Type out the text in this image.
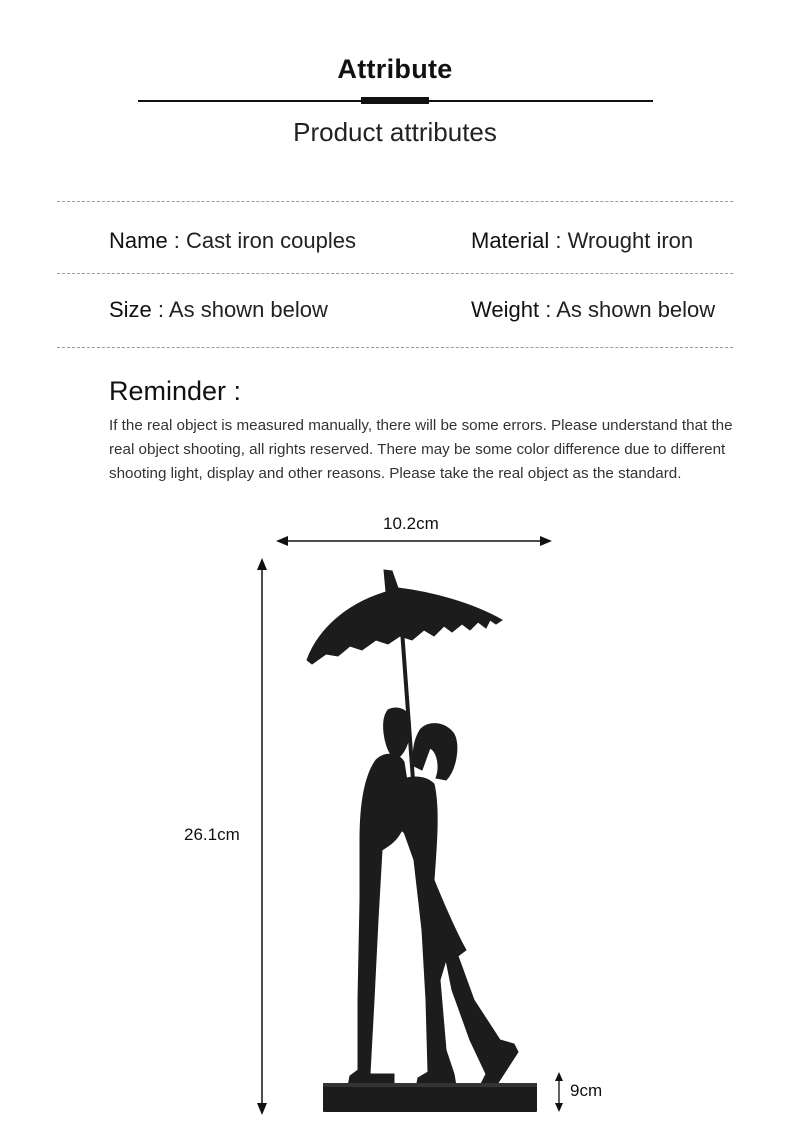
Attribute
Product attributes
Name : Cast iron couples	Material : Wrought iron
Size : As shown below	Weight : As shown below
Reminder :
If the real object is measured manually, there will be some errors. Please understand that the real object shooting, all rights reserved. There may be some color difference due to different shooting light, display and other reasons. Please take the real object as the standard.
10.2cm
26.1cm
9cm
